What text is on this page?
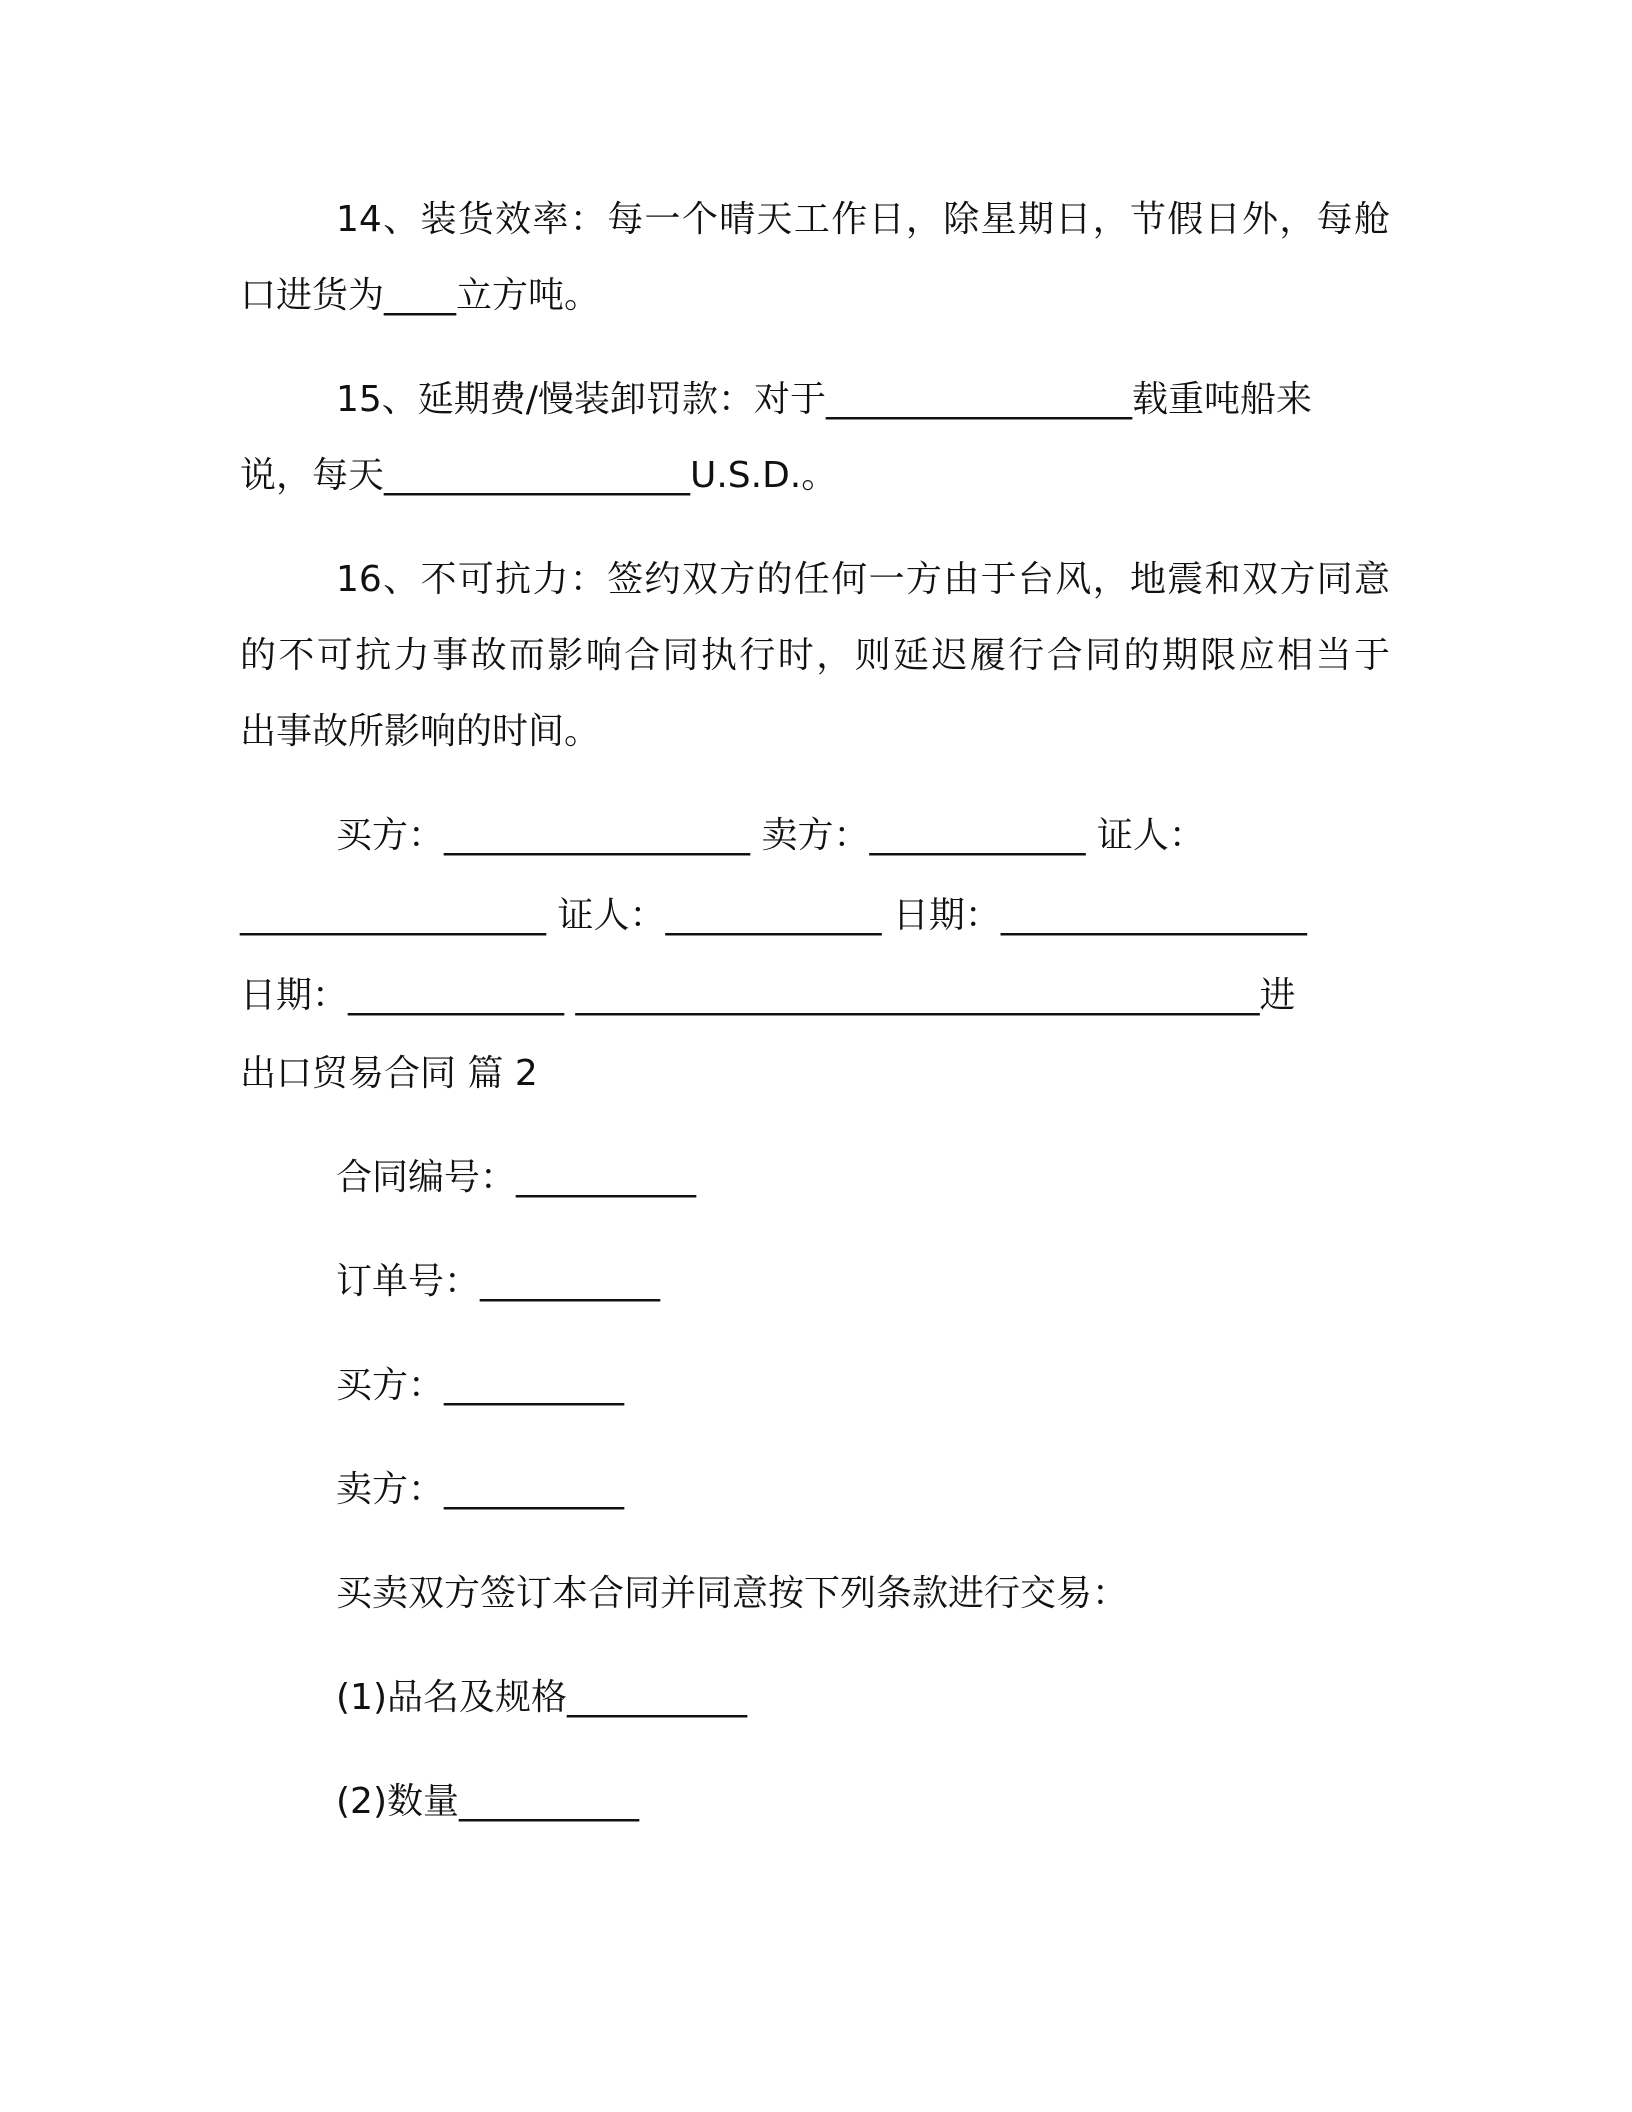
14、装货效率：每一个晴天工作日，除星期日，节假日外，每舱
口进货为____立方吨。
15、延期费/慢装卸罚款：对于_________________载重吨船来
说，每天_________________U.S.D.。
16、不可抗力：签约双方的任何一方由于台风，地震和双方同意
的不可抗力事故而影响合同执行时，则延迟履行合同的期限应相当于
出事故所影响的时间。
买方：_________________ 卖方：____________ 证人：
_________________ 证人：____________ 日期：_________________
日期：____________ ______________________________________进
出口贸易合同 篇 2
合同编号：__________
订单号：__________
买方：__________
卖方：__________
买卖双方签订本合同并同意按下列条款进行交易：
(1)品名及规格__________
(2)数量__________
